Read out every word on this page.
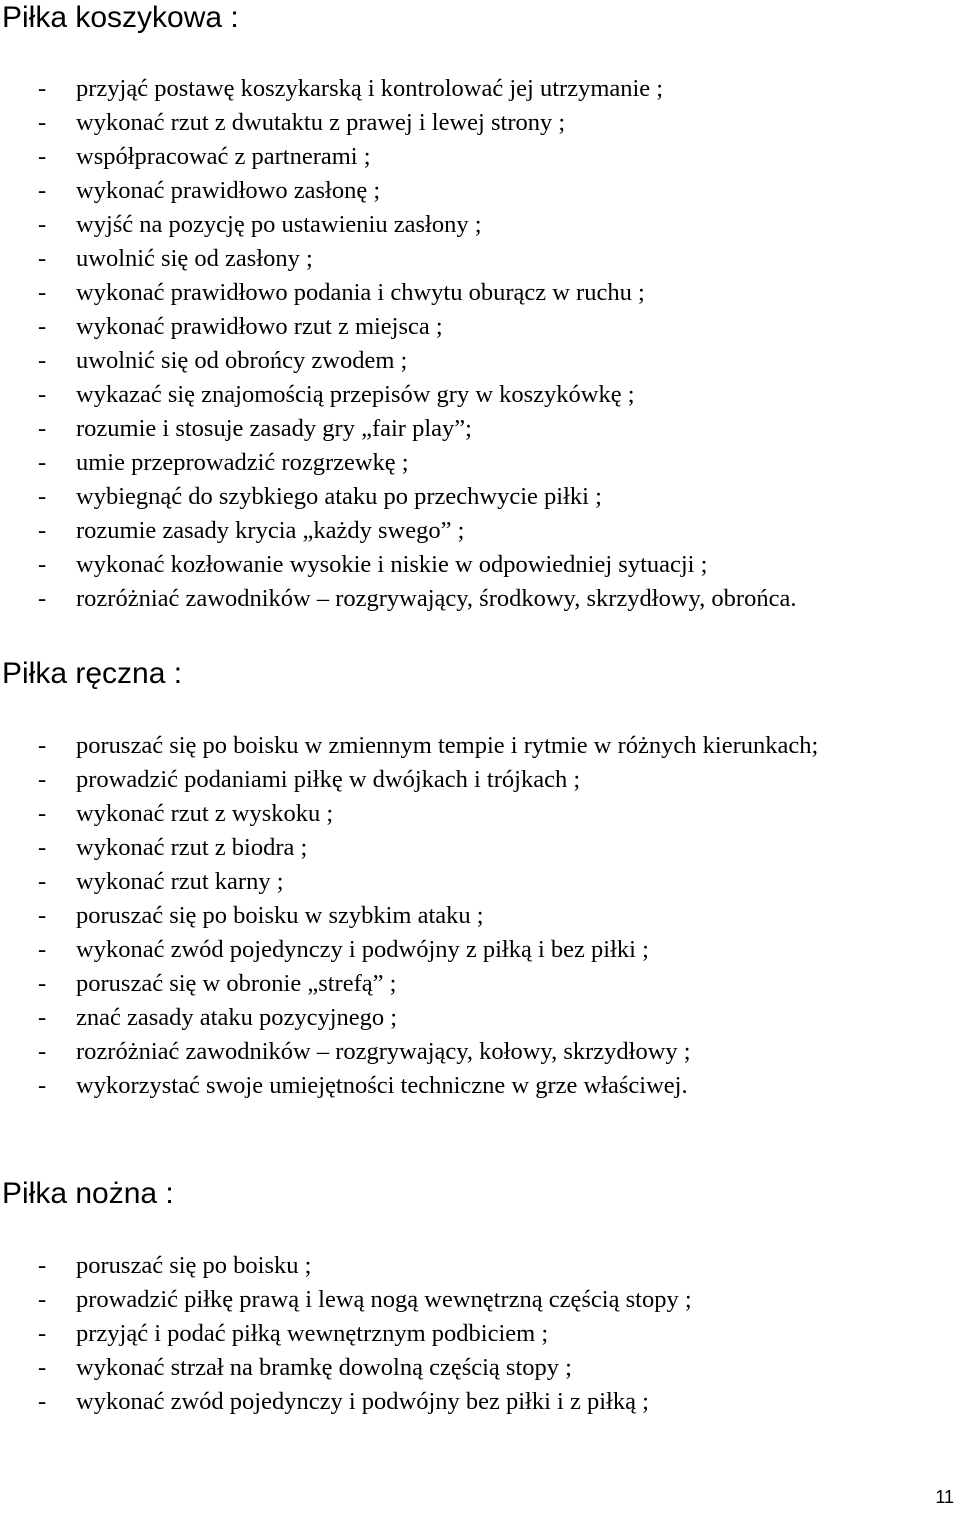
Piłka koszykowa :
- przyjąć postawę koszykarską i kontrolować jej utrzymanie ;
- wykonać rzut z dwutaktu z prawej i lewej strony ;
- współpracować z partnerami ;
- wykonać prawidłowo zasłonę ;
- wyjść na pozycję po ustawieniu zasłony ;
- uwolnić się od zasłony ;
- wykonać prawidłowo podania i chwytu oburącz w ruchu ;
- wykonać prawidłowo rzut z miejsca ;
- uwolnić się od obrońcy zwodem ;
- wykazać się znajomością przepisów gry w koszykówkę ;
- rozumie i stosuje zasady gry „fair play”;
- umie przeprowadzić rozgrzewkę ;
- wybiegnąć do szybkiego ataku po przechwycie piłki ;
- rozumie zasady krycia „każdy swego” ;
- wykonać kozłowanie wysokie i niskie w odpowiedniej sytuacji ;
- rozróżniać zawodników – rozgrywający, środkowy, skrzydłowy, obrońca.
Piłka ręczna :
- poruszać się po boisku w zmiennym tempie i rytmie w różnych kierunkach;
- prowadzić podaniami piłkę w dwójkach i trójkach ;
- wykonać rzut z wyskoku ;
- wykonać rzut z biodra ;
- wykonać rzut karny ;
- poruszać się po boisku w szybkim ataku ;
- wykonać zwód pojedynczy i podwójny z piłką i bez piłki ;
- poruszać się w obronie „strefą” ;
- znać zasady ataku pozycyjnego ;
- rozróżniać zawodników – rozgrywający, kołowy, skrzydłowy ;
- wykorzystać swoje umiejętności techniczne w grze właściwej.
Piłka nożna :
- poruszać się po boisku ;
- prowadzić piłkę prawą i lewą nogą wewnętrzną częścią stopy ;
- przyjąć i podać piłką wewnętrznym podbiciem ;
- wykonać strzał na bramkę dowolną częścią stopy ;
- wykonać zwód pojedynczy i podwójny bez piłki i z piłką ;
11
